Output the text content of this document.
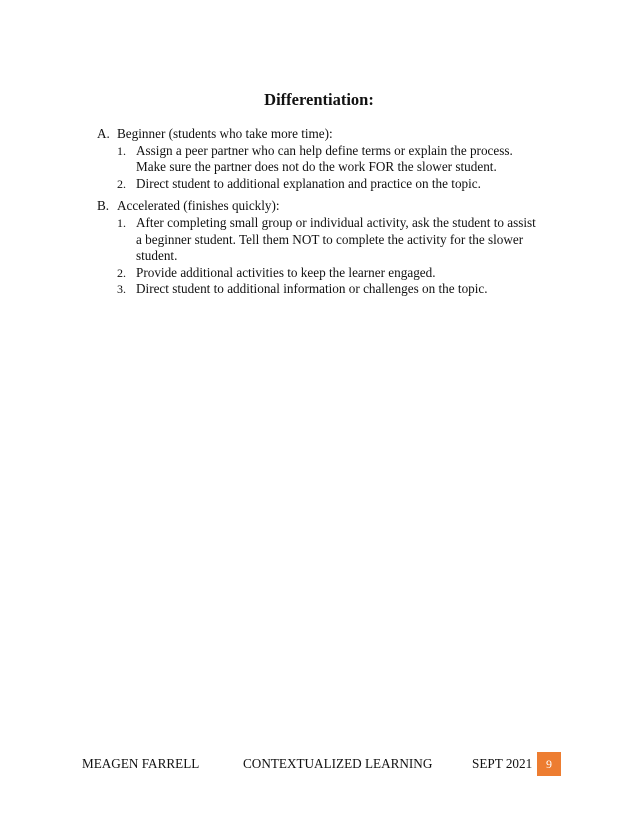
Differentiation:
A. Beginner (students who take more time):
1. Assign a peer partner who can help define terms or explain the process. Make sure the partner does not do the work FOR the slower student.
2. Direct student to additional explanation and practice on the topic.
B. Accelerated (finishes quickly):
1. After completing small group or individual activity, ask the student to assist a beginner student. Tell them NOT to complete the activity for the slower student.
2. Provide additional activities to keep the learner engaged.
3. Direct student to additional information or challenges on the topic.
MEAGEN FARRELL	CONTEXTUALIZED LEARNING	SEPT 2021	9
